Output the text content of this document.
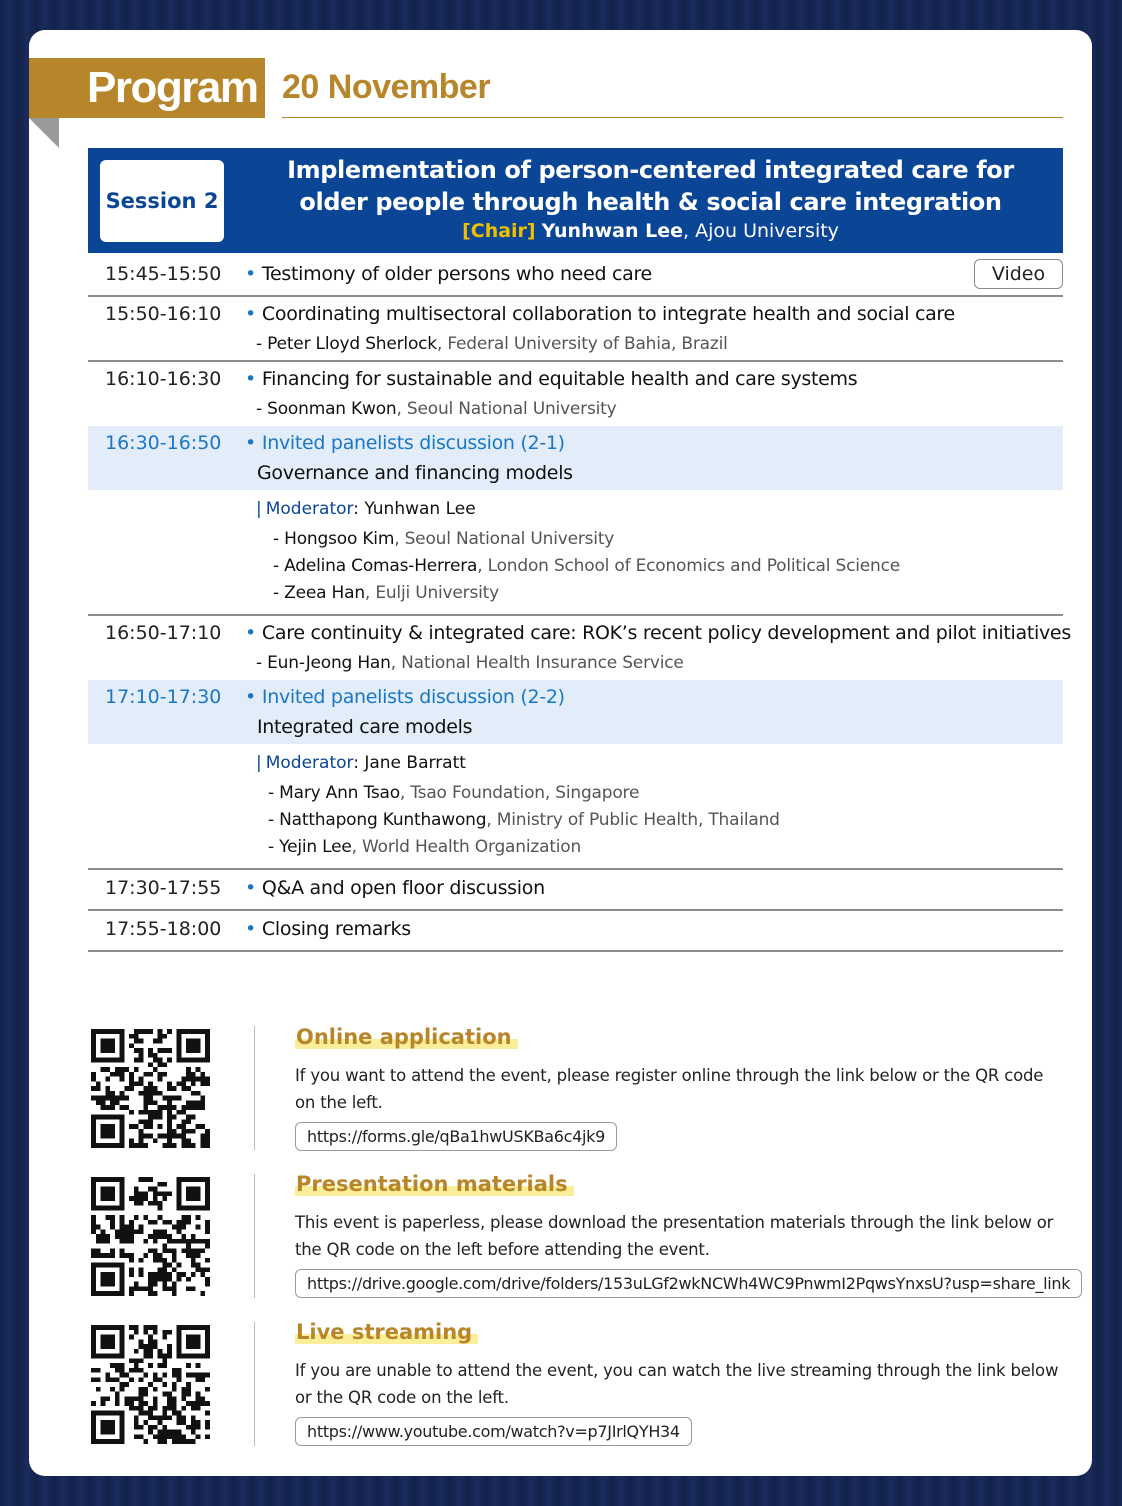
Program 20 November
Session 2
Implementation of person-centered integrated care for
older people through health & social care integration
[Chair] Yunhwan Lee, Ajou University
15:45-15:50 • Testimony of older persons who need care	Video
15:50-16:10 • Coordinating multisectoral collaboration to integrate health and social care
- Peter Lloyd Sherlock, Federal University of Bahia, Brazil
16:10-16:30 • Financing for sustainable and equitable health and care systems
- Soonman Kwon, Seoul National University
16:30-16:50 • Invited panelists discussion (2-1)
Governance and financing models
| Moderator: Yunhwan Lee
- Hongsoo Kim, Seoul National University
- Adelina Comas-Herrera, London School of Economics and Political Science
- Zeea Han, Eulji University
16:50-17:10 • Care continuity & integrated care: ROK’s recent policy development and pilot initiatives
- Eun-Jeong Han, National Health Insurance Service
17:10-17:30 • Invited panelists discussion (2-2)
Integrated care models
| Moderator: Jane Barratt
- Mary Ann Tsao, Tsao Foundation, Singapore
- Natthapong Kunthawong, Ministry of Public Health, Thailand
- Yejin Lee, World Health Organization
17:30-17:55 • Q&A and open floor discussion
17:55-18:00 • Closing remarks
Online application
If you want to attend the event, please register online through the link below or the QR code on the left.
https://forms.gle/qBa1hwUSKBa6c4jk9
Presentation materials
This event is paperless, please download the presentation materials through the link below or the QR code on the left before attending the event.
https://drive.google.com/drive/folders/153uLGf2wkNCWh4WC9PnwmI2PqwsYnxsU?usp=share_link
Live streaming
If you are unable to attend the event, you can watch the live streaming through the link below or the QR code on the left.
https://www.youtube.com/watch?v=p7JIrlQYH34
